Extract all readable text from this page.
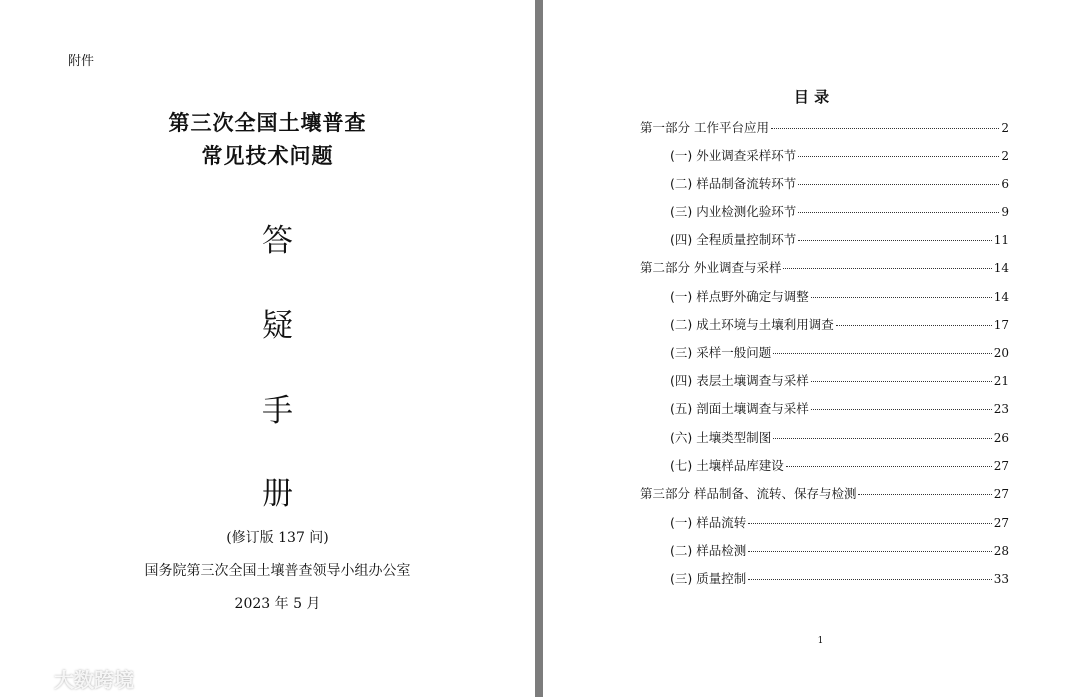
附件
第三次全国土壤普查
常见技术问题
答
疑
手
册
(修订版 137 问)
国务院第三次全国土壤普查领导小组办公室
2023 年 5 月
目 录
第一部分 工作平台应用	2
(一) 外业调查采样环节	2
(二) 样品制备流转环节	6
(三) 内业检测化验环节	9
(四) 全程质量控制环节	11
第二部分 外业调查与采样	14
(一) 样点野外确定与调整	14
(二) 成土环境与土壤利用调查	17
(三) 采样一般问题	20
(四) 表层土壤调查与采样	21
(五) 剖面土壤调查与采样	23
(六) 土壤类型制图	26
(七) 土壤样品库建设	27
第三部分 样品制备、流转、保存与检测	27
(一) 样品流转	27
(二) 样品检测	28
(三) 质量控制	33
1
大数跨境
